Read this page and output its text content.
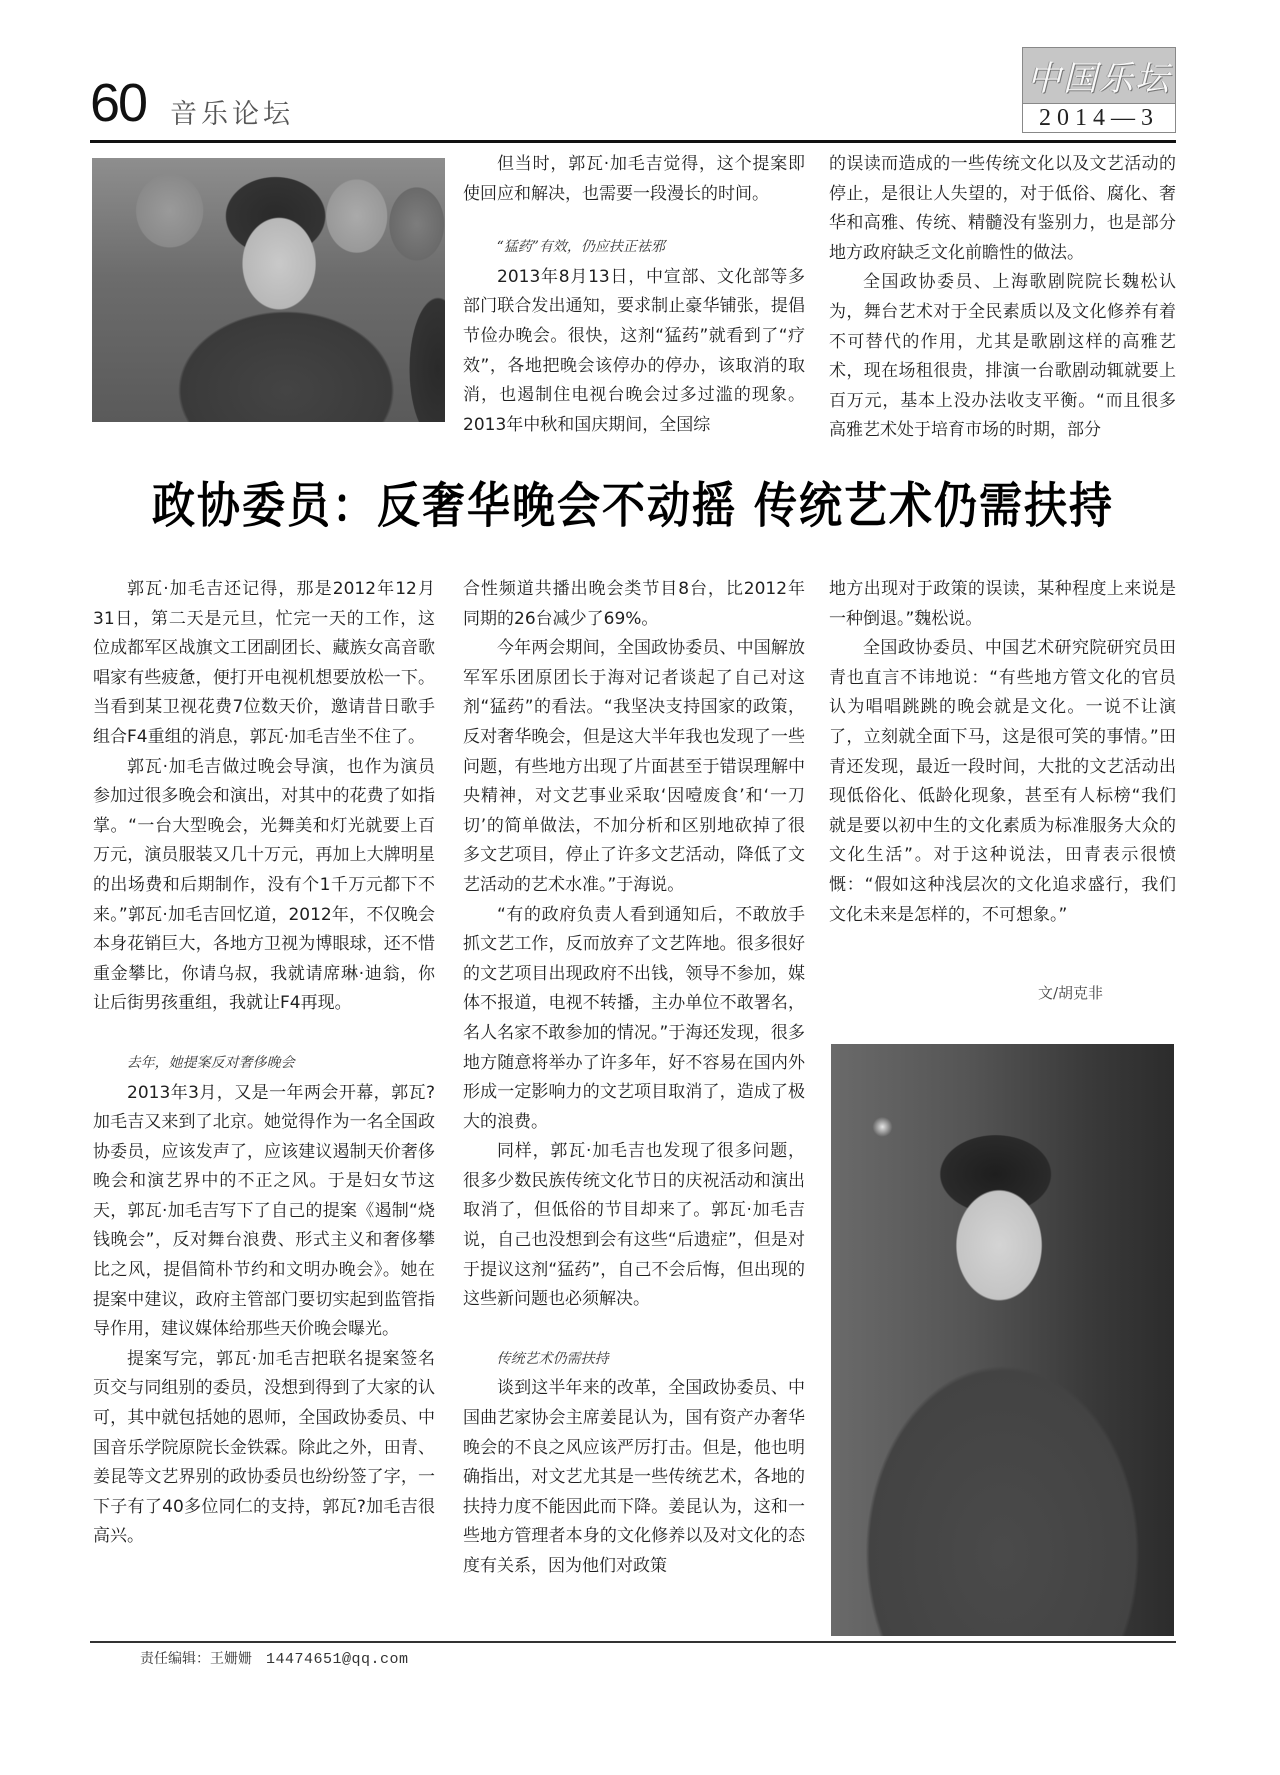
60 音乐论坛
中国乐坛
2014—3

但当时，郭瓦·加毛吉觉得，这个提案即使回应和解决，也需要一段漫长的时间。

“猛药”有效，仍应扶正祛邪

2013年8月13日，中宣部、文化部等多部门联合发出通知，要求制止豪华铺张，提倡节俭办晚会。很快，这剂“猛药”就看到了“疗效”，各地把晚会该停办的停办，该取消的取消，也遏制住电视台晚会过多过滥的现象。2013年中秋和国庆期间，全国综

的误读而造成的一些传统文化以及文艺活动的停止，是很让人失望的，对于低俗、腐化、奢华和高雅、传统、精髓没有鉴别力，也是部分地方政府缺乏文化前瞻性的做法。

全国政协委员、上海歌剧院院长魏松认为，舞台艺术对于全民素质以及文化修养有着不可替代的作用，尤其是歌剧这样的高雅艺术，现在场租很贵，排演一台歌剧动辄就要上百万元，基本上没办法收支平衡。“而且很多高雅艺术处于培育市场的时期，部分

政协委员：反奢华晚会不动摇 传统艺术仍需扶持

郭瓦·加毛吉还记得，那是2012年12月31日，第二天是元旦，忙完一天的工作，这位成都军区战旗文工团副团长、藏族女高音歌唱家有些疲惫，便打开电视机想要放松一下。当看到某卫视花费7位数天价，邀请昔日歌手组合F4重组的消息，郭瓦·加毛吉坐不住了。

郭瓦·加毛吉做过晚会导演，也作为演员参加过很多晚会和演出，对其中的花费了如指掌。“一台大型晚会，光舞美和灯光就要上百万元，演员服装又几十万元，再加上大牌明星的出场费和后期制作，没有个1千万元都下不来。”郭瓦·加毛吉回忆道，2012年，不仅晚会本身花销巨大，各地方卫视为博眼球，还不惜重金攀比，你请乌叔，我就请席琳·迪翁，你让后街男孩重组，我就让F4再现。

去年，她提案反对奢侈晚会

2013年3月，又是一年两会开幕，郭瓦?加毛吉又来到了北京。她觉得作为一名全国政协委员，应该发声了，应该建议遏制天价奢侈晚会和演艺界中的不正之风。于是妇女节这天，郭瓦·加毛吉写下了自己的提案《遏制“烧钱晚会”，反对舞台浪费、形式主义和奢侈攀比之风，提倡简朴节约和文明办晚会》。她在提案中建议，政府主管部门要切实起到监管指导作用，建议媒体给那些天价晚会曝光。

提案写完，郭瓦·加毛吉把联名提案签名页交与同组别的委员，没想到得到了大家的认可，其中就包括她的恩师，全国政协委员、中国音乐学院原院长金铁霖。除此之外，田青、姜昆等文艺界别的政协委员也纷纷签了字，一下子有了40多位同仁的支持，郭瓦?加毛吉很高兴。

合性频道共播出晚会类节目8台，比2012年同期的26台减少了69%。

今年两会期间，全国政协委员、中国解放军军乐团原团长于海对记者谈起了自己对这剂“猛药”的看法。“我坚决支持国家的政策，反对奢华晚会，但是这大半年我也发现了一些问题，有些地方出现了片面甚至于错误理解中央精神，对文艺事业采取‘因噎废食’和‘一刀切’的简单做法，不加分析和区别地砍掉了很多文艺项目，停止了许多文艺活动，降低了文艺活动的艺术水准。”于海说。

“有的政府负责人看到通知后，不敢放手抓文艺工作，反而放弃了文艺阵地。很多很好的文艺项目出现政府不出钱，领导不参加，媒体不报道，电视不转播，主办单位不敢署名，名人名家不敢参加的情况。”于海还发现，很多地方随意将举办了许多年，好不容易在国内外形成一定影响力的文艺项目取消了，造成了极大的浪费。

同样，郭瓦·加毛吉也发现了很多问题，很多少数民族传统文化节日的庆祝活动和演出取消了，但低俗的节目却来了。郭瓦·加毛吉说，自己也没想到会有这些“后遗症”，但是对于提议这剂“猛药”，自己不会后悔，但出现的这些新问题也必须解决。

传统艺术仍需扶持

谈到这半年来的改革，全国政协委员、中国曲艺家协会主席姜昆认为，国有资产办奢华晚会的不良之风应该严厉打击。但是，他也明确指出，对文艺尤其是一些传统艺术，各地的扶持力度不能因此而下降。姜昆认为，这和一些地方管理者本身的文化修养以及对文化的态度有关系，因为他们对政策

地方出现对于政策的误读，某种程度上来说是一种倒退。”魏松说。

全国政协委员、中国艺术研究院研究员田青也直言不讳地说：“有些地方管文化的官员认为唱唱跳跳的晚会就是文化。一说不让演了，立刻就全面下马，这是很可笑的事情。”田青还发现，最近一段时间，大批的文艺活动出现低俗化、低龄化现象，甚至有人标榜“我们就是要以初中生的文化素质为标准服务大众的文化生活”。对于这种说法，田青表示很愤慨：“假如这种浅层次的文化追求盛行，我们文化未来是怎样的，不可想象。”

文/胡克非
责任编辑：王姗姗 14474651@qq.com
